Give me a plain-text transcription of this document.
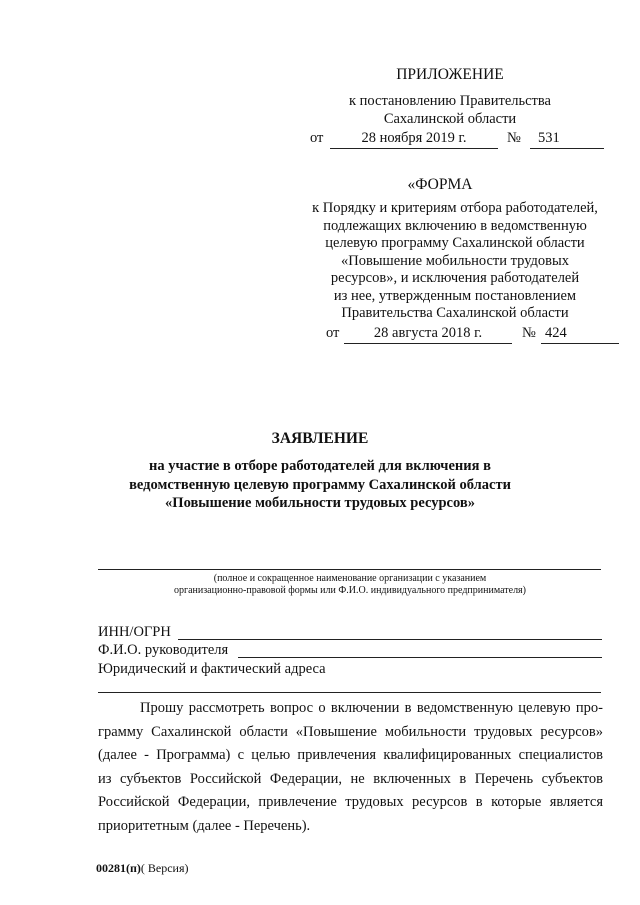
ПРИЛОЖЕНИЕ
к постановлению Правительства
Сахалинской области
от	28 ноября 2019 г.	№	531
«ФОРМА
к Порядку и критериям отбора работодателей,
подлежащих включению в ведомственную
целевую программу Сахалинской области
«Повышение мобильности трудовых
ресурсов», и исключения работодателей
из нее, утвержденным постановлением
Правительства Сахалинской области
от	28 августа 2018 г.	№ 424
ЗАЯВЛЕНИЕ
на участие в отборе работодателей для включения в
ведомственную целевую программу Сахалинской области
«Повышение мобильности трудовых ресурсов»
(полное и сокращенное наименование организации с указанием
организационно-правовой формы или Ф.И.О. индивидуального предпринимателя)
ИНН/ОГРН
Ф.И.О. руководителя
Юридический и фактический адреса
Прошу рассмотреть вопрос о включении в ведомственную целевую про-
грамму Сахалинской области «Повышение мобильности трудовых ресурсов»
(далее - Программа) с целью привлечения квалифицированных специалистов
из субъектов Российской Федерации, не включенных в Перечень субъектов
Российской Федерации, привлечение трудовых ресурсов в которые является
приоритетным (далее - Перечень).
00281(п)( Версия)
